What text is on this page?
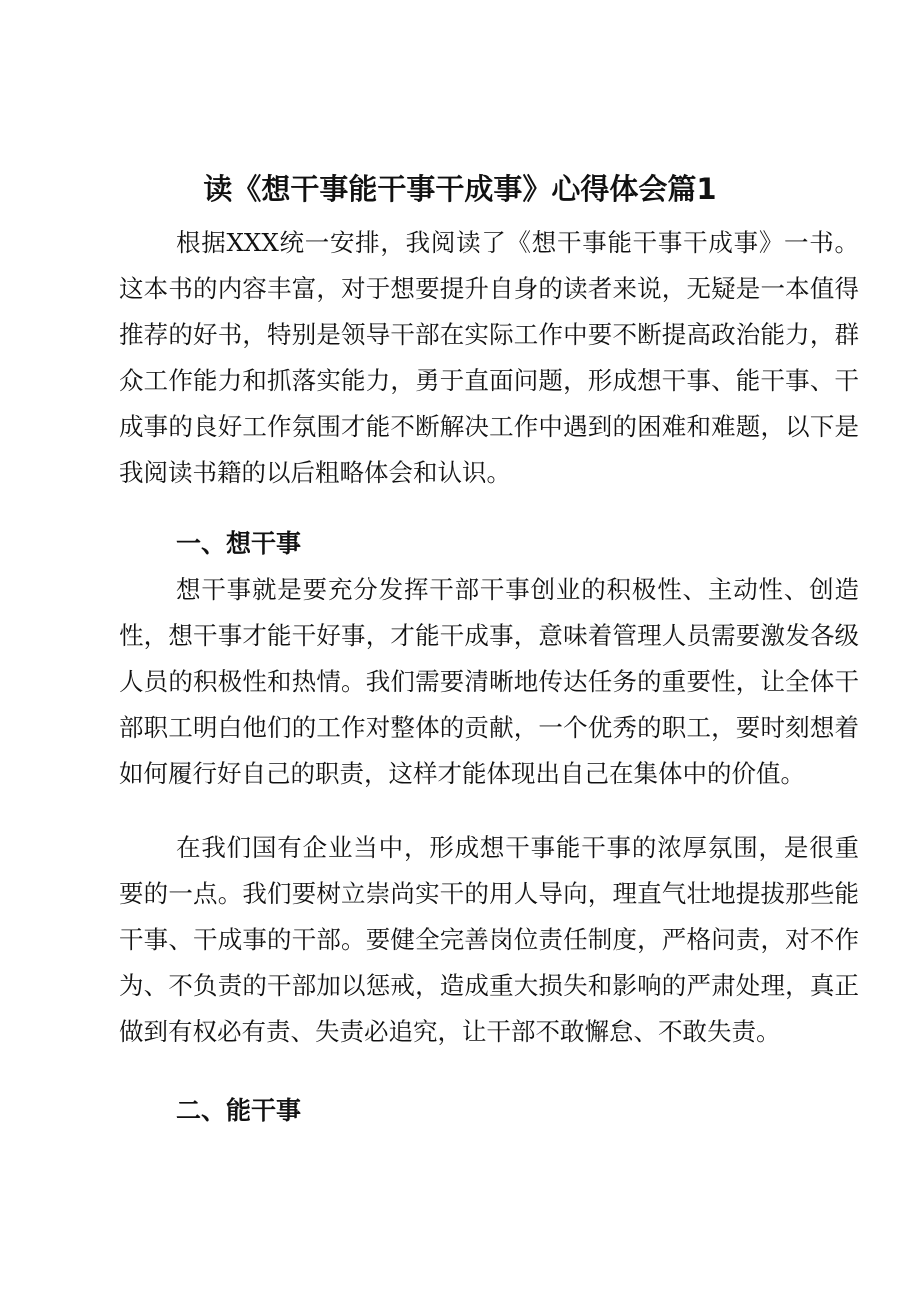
读《想干事能干事干成事》心得体会篇1

根据XXX统一安排，我阅读了《想干事能干事干成事》一书。这本书的内容丰富，对于想要提升自身的读者来说，无疑是一本值得推荐的好书，特别是领导干部在实际工作中要不断提高政治能力，群众工作能力和抓落实能力，勇于直面问题，形成想干事、能干事、干成事的良好工作氛围才能不断解决工作中遇到的困难和难题，以下是我阅读书籍的以后粗略体会和认识。

一、想干事

想干事就是要充分发挥干部干事创业的积极性、主动性、创造性，想干事才能干好事，才能干成事，意味着管理人员需要激发各级人员的积极性和热情。我们需要清晰地传达任务的重要性，让全体干部职工明白他们的工作对整体的贡献，一个优秀的职工，要时刻想着如何履行好自己的职责，这样才能体现出自己在集体中的价值。

在我们国有企业当中，形成想干事能干事的浓厚氛围，是很重要的一点。我们要树立崇尚实干的用人导向，理直气壮地提拔那些能干事、干成事的干部。要健全完善岗位责任制度，严格问责，对不作为、不负责的干部加以惩戒，造成重大损失和影响的严肃处理，真正做到有权必有责、失责必追究，让干部不敢懈怠、不敢失责。

二、能干事
